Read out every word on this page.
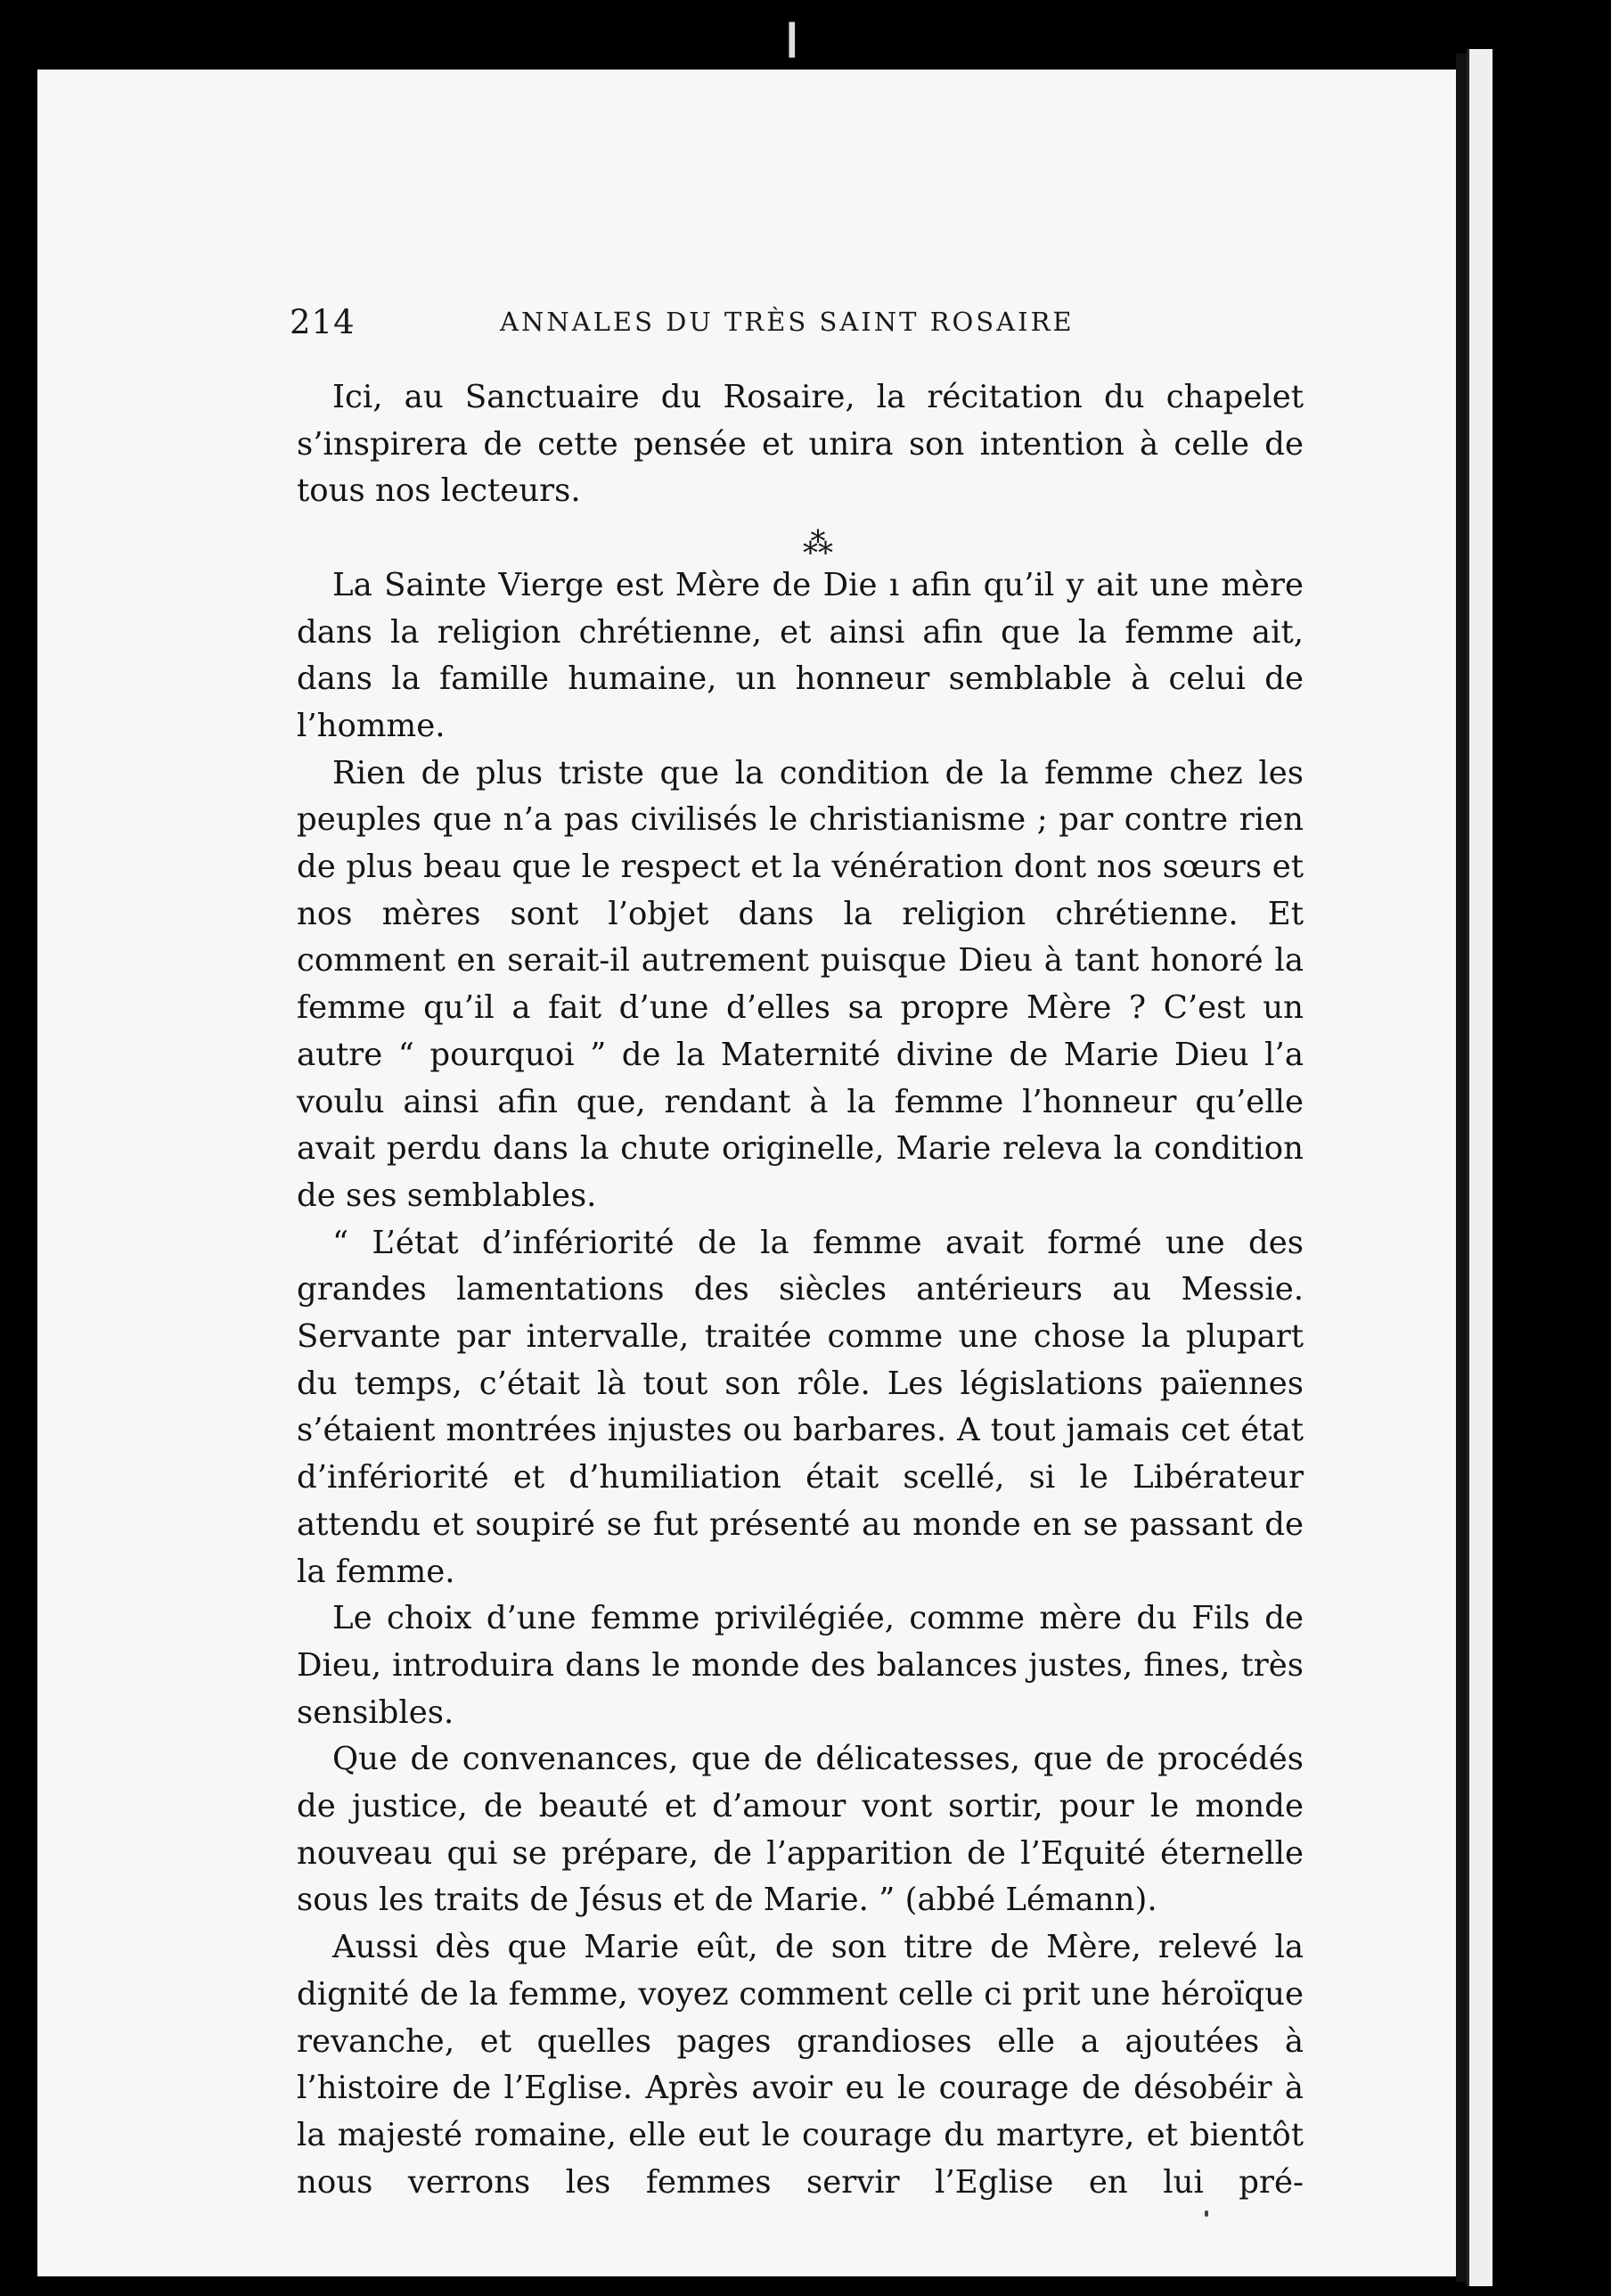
❙
214	ANNALES DU TRÈS SAINT ROSAIRE

Ici, au Sanctuaire du Rosaire, la récitation du chapelet s’inspirera de cette pensée et unira son intention à celle de tous nos lecteurs.

⁂

La Sainte Vierge est Mère de Die ı afin qu’il y ait une mère dans la religion chrétienne, et ainsi afin que la femme ait, dans la famille humaine, un honneur semblable à celui de l’homme.

Rien de plus triste que la condition de la femme chez les peuples que n’a pas civilisés le christianisme ; par contre rien de plus beau que le respect et la vénération dont nos sœurs et nos mères sont l’objet dans la religion chrétienne. Et comment en serait-il autrement puisque Dieu à tant honoré la femme qu’il a fait d’une d’elles sa propre Mère ? C’est un autre “ pourquoi ” de la Maternité divine de Marie Dieu l’a voulu ainsi afin que, rendant à la femme l’honneur qu’elle avait perdu dans la chute originelle, Marie releva la condition de ses semblables.

“ L’état d’infériorité de la femme avait formé une des grandes lamentations des siècles antérieurs au Messie. Servante par intervalle, traitée comme une chose la plupart du temps, c’était là tout son rôle. Les législations païennes s’étaient montrées injustes ou barbares. A tout jamais cet état d’infériorité et d’humiliation était scellé, si le Libérateur attendu et soupiré se fut présenté au monde en se passant de la femme.

Le choix d’une femme privilégiée, comme mère du Fils de Dieu, introduira dans le monde des balances justes, fines, très sensibles.

Que de convenances, que de délicatesses, que de procédés de justice, de beauté et d’amour vont sortir, pour le monde nouveau qui se prépare, de l’apparition de l’Equité éternelle sous les traits de Jésus et de Marie. ” (abbé Lémann).

Aussi dès que Marie eût, de son titre de Mère, relevé la dignité de la femme, voyez comment celle ci prit une héroïque revanche, et quelles pages grandioses elle a ajoutées à l’histoire de l’Eglise. Après avoir eu le courage de désobéir à la majesté romaine, elle eut le courage du martyre, et bientôt nous verrons les femmes servir l’Eglise en lui pré-
